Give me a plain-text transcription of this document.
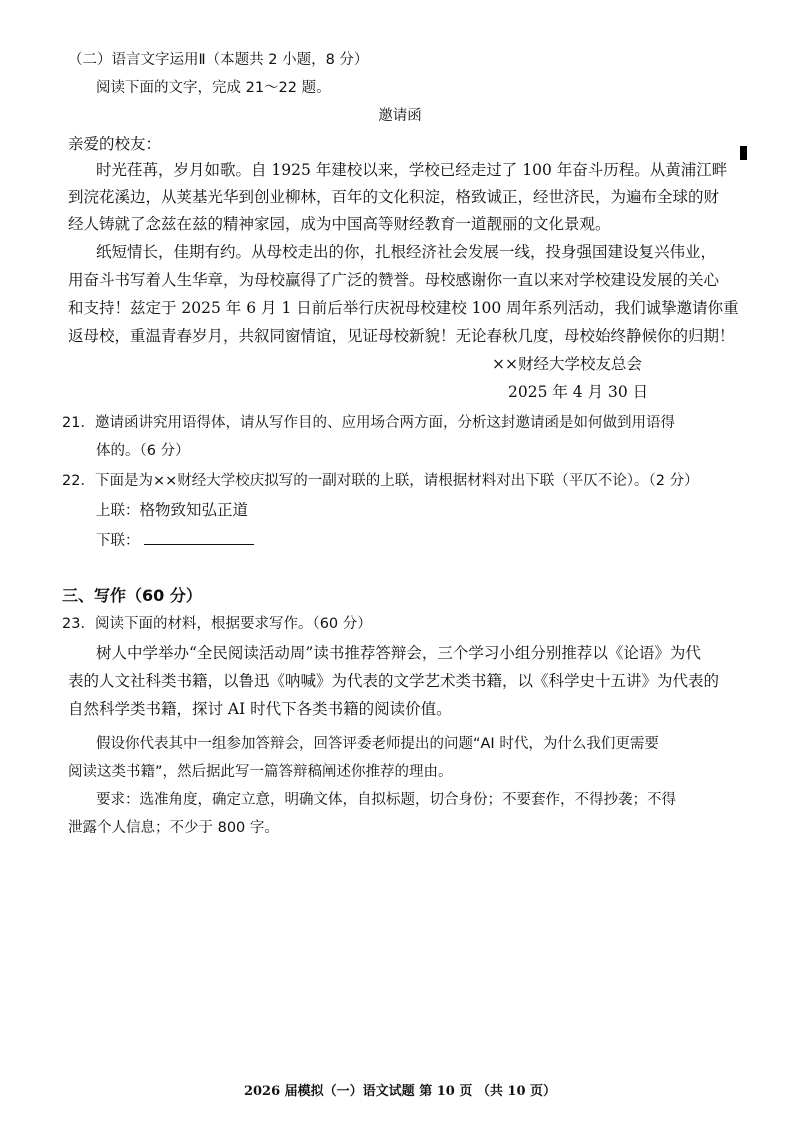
（二）语言文字运用Ⅱ（本题共 2 小题，8 分）
阅读下面的文字，完成 21～22 题。
邀请函
亲爱的校友：
时光荏苒，岁月如歌。自 1925 年建校以来，学校已经走过了 100 年奋斗历程。从黄浦江畔
到浣花溪边，从荚基光华到创业柳林，百年的文化积淀，格致诚正，经世济民，为遍布全球的财
经人铸就了念兹在兹的精神家园，成为中国高等财经教育一道靓丽的文化景观。
纸短情长，佳期有约。从母校走出的你，扎根经济社会发展一线，投身强国建设复兴伟业，
用奋斗书写着人生华章，为母校赢得了广泛的赞誉。母校感谢你一直以来对学校建设发展的关心
和支持！兹定于 2025 年 6 月 1 日前后举行庆祝母校建校 100 周年系列活动，我们诚挚邀请你重
返母校，重温青春岁月，共叙同窗情谊，见证母校新貌！无论春秋几度，母校始终静候你的归期！
××财经大学校友总会
2025 年 4 月 30 日
21．邀请函讲究用语得体，请从写作目的、应用场合两方面，分析这封邀请函是如何做到用语得
体的。（6 分）
22．下面是为××财经大学校庆拟写的一副对联的上联，请根据材料对出下联（平仄不论）。（2 分）
上联：格物致知弘正道
下联：
三、写作（60 分）
23．阅读下面的材料，根据要求写作。（60 分）
树人中学举办“全民阅读活动周”读书推荐答辩会，三个学习小组分别推荐以《论语》为代
表的人文社科类书籍，以鲁迅《呐喊》为代表的文学艺术类书籍，以《科学史十五讲》为代表的
自然科学类书籍，探讨 AI 时代下各类书籍的阅读价值。
假设你代表其中一组参加答辩会，回答评委老师提出的问题“AI 时代，为什么我们更需要
阅读这类书籍”，然后据此写一篇答辩稿阐述你推荐的理由。
要求：选准角度，确定立意，明确文体，自拟标题，切合身份；不要套作，不得抄袭；不得
泄露个人信息；不少于 800 字。
2026 届模拟（一）语文试题 第 10 页 （共 10 页）
